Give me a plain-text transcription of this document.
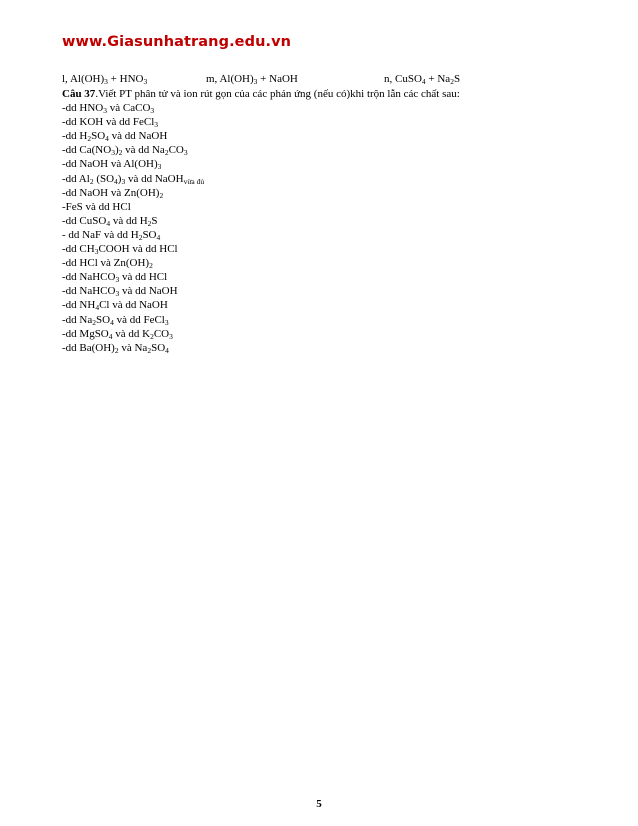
www.Giasunhatrang.edu.vn
l, $Al(OH)_3 + HNO_3$	m, $Al(OH)_3$ + NaOH	n, CuSO$_4$ + $Na_2S$
Câu 37.Viết PT phân tử và ion rút gọn của các phản ứng (nếu có)khi trộn lẫn các chất sau:
-dd $HNO_3$ và CaCO$_3$
-dd KOH và dd FeCl$_3$
-dd $H_2SO_4$ và dd NaOH
-dd $Ca(NO_3)_2$ và dd $Na_2CO_3$
-dd NaOH và $Al(OH)_3$
-dd $Al_2$ $(SO_4)_3$ và dd NaOH$_{vừa đủ}$
-dd NaOH và $Zn(OH)_2$
-FeS và dd HCl
-dd CuSO$_4$ và dd $H_2S$
- dd NaF và dd $H_2SO_4$
-dd $CH_3COOH$ và dd HCl
-dd HCl và $Zn(OH)_2$
-dd NaHCO$_3$ và dd HCl
-dd NaHCO$_3$ và dd NaOH
-dd $NH_4Cl$ và dd NaOH
-dd $Na_2SO_4$ và dd FeCl$_3$
-dd MgSO$_4$ và dd $K_2CO_3$
-dd $Ba(OH)_2$ và $Na_2SO_4$
5
